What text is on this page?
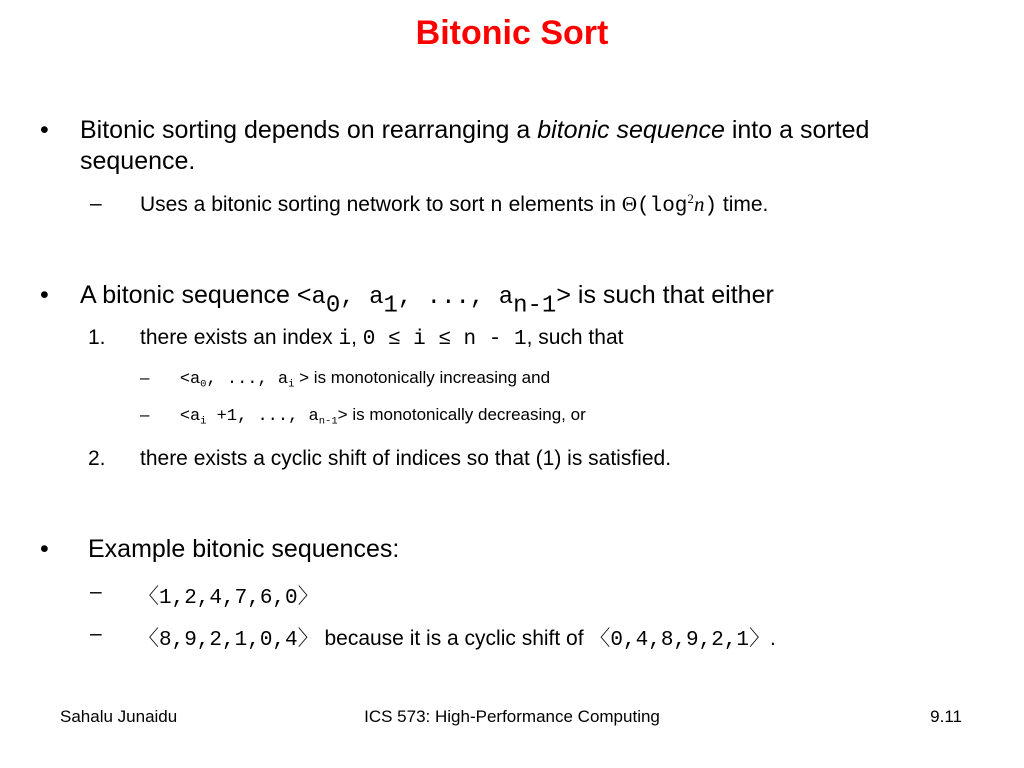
Bitonic Sort
• Bitonic sorting depends on rearranging a bitonic sequence into a sorted
sequence.
– Uses a bitonic sorting network to sort n elements in $\Theta(\log^2n)$ time.
• A bitonic sequence $<a_0$, $a_1$, ..., $a_{n-1}>$ is such that either
1. there exists an index i, 0 ≤ i ≤ n - 1, such that
– $<a_0$, ..., $a_i$ > is monotonically increasing and
– $<a_i +1$, ..., $a_{n-1}>$ is monotonically decreasing, or
2. there exists a cyclic shift of indices so that (1) is satisfied.
• Example bitonic sequences:
– 〈1,2,4,7,6,0〉
– 〈8,9,2,1,0,4〉 because it is a cyclic shift of 〈0,4,8,9,2,1〉.
Sahalu Junaidu	ICS 573: High-Performance Computing	9.11
